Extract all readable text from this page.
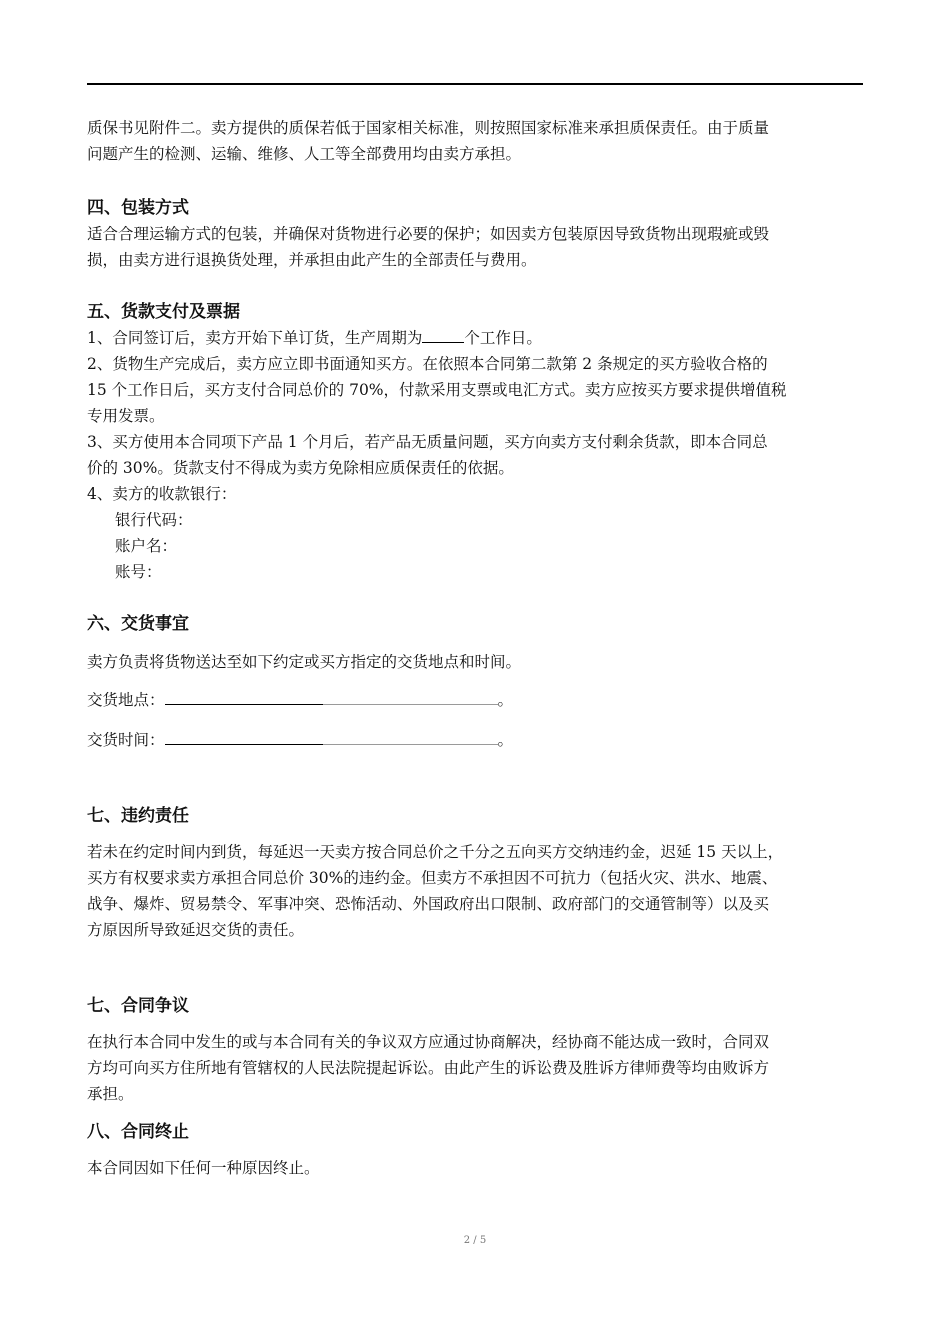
质保书见附件二。卖方提供的质保若低于国家相关标准，则按照国家标准来承担质保责任。由于质量

问题产生的检测、运输、维修、人工等全部费用均由卖方承担。

四、包装方式

适合合理运输方式的包装，并确保对货物进行必要的保护；如因卖方包装原因导致货物出现瑕疵或毁

损，由卖方进行退换货处理，并承担由此产生的全部责任与费用。

五、货款支付及票据

1、合同签订后，卖方开始下单订货，生产周期为	个工作日。

2、货物生产完成后，卖方应立即书面通知买方。在依照本合同第二款第 2 条规定的买方验收合格的

15 个工作日后，买方支付合同总价的 70%，付款采用支票或电汇方式。卖方应按买方要求提供增值税

专用发票。

3、买方使用本合同项下产品 1 个月后，若产品无质量问题，买方向卖方支付剩余货款，即本合同总

价的 30%。货款支付不得成为卖方免除相应质保责任的依据。

4、卖方的收款银行：

银行代码：

账户名：

账号：

六、交货事宜

卖方负责将货物送达至如下约定或买方指定的交货地点和时间。

交货地点：	。

交货时间：	。

七、违约责任

若未在约定时间内到货，每延迟一天卖方按合同总价之千分之五向买方交纳违约金，迟延 15 天以上，

买方有权要求卖方承担合同总价 30%的违约金。但卖方不承担因不可抗力（包括火灾、洪水、地震、

战争、爆炸、贸易禁令、军事冲突、恐怖活动、外国政府出口限制、政府部门的交通管制等）以及买

方原因所导致延迟交货的责任。

七、合同争议

在执行本合同中发生的或与本合同有关的争议双方应通过协商解决，经协商不能达成一致时，合同双

方均可向买方住所地有管辖权的人民法院提起诉讼。由此产生的诉讼费及胜诉方律师费等均由败诉方

承担。

八、合同终止

本合同因如下任何一种原因终止。

2 / 5
